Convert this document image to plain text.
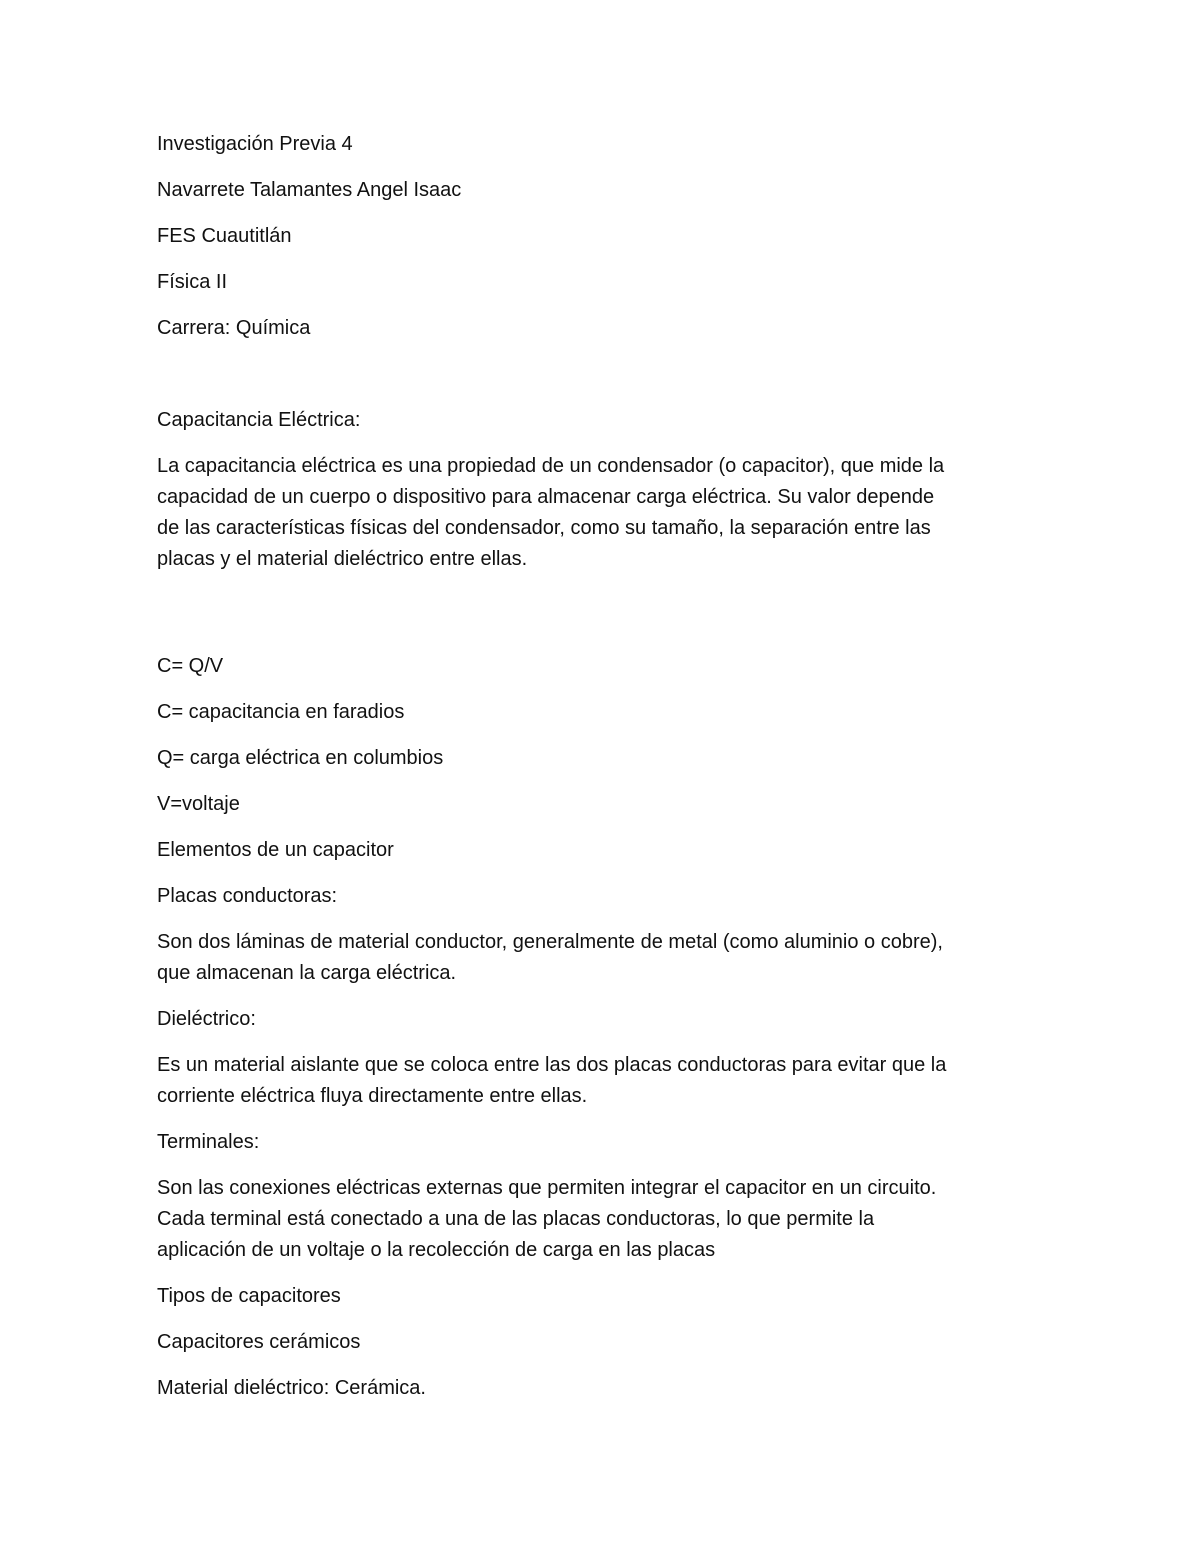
Investigación Previa 4

Navarrete Talamantes Angel Isaac

FES Cuautitlán

Física II

Carrera: Química

Capacitancia Eléctrica:

La capacitancia eléctrica es una propiedad de un condensador (o capacitor), que mide la capacidad de un cuerpo o dispositivo para almacenar carga eléctrica. Su valor depende de las características físicas del condensador, como su tamaño, la separación entre las placas y el material dieléctrico entre ellas.

C= Q/V

C= capacitancia en faradios

Q= carga eléctrica en columbios

V=voltaje

Elementos de un capacitor

Placas conductoras:

Son dos láminas de material conductor, generalmente de metal (como aluminio o cobre), que almacenan la carga eléctrica.

Dieléctrico:

Es un material aislante que se coloca entre las dos placas conductoras para evitar que la corriente eléctrica fluya directamente entre ellas.

Terminales:

Son las conexiones eléctricas externas que permiten integrar el capacitor en un circuito. Cada terminal está conectado a una de las placas conductoras, lo que permite la aplicación de un voltaje o la recolección de carga en las placas

Tipos de capacitores

Capacitores cerámicos

Material dieléctrico: Cerámica.
